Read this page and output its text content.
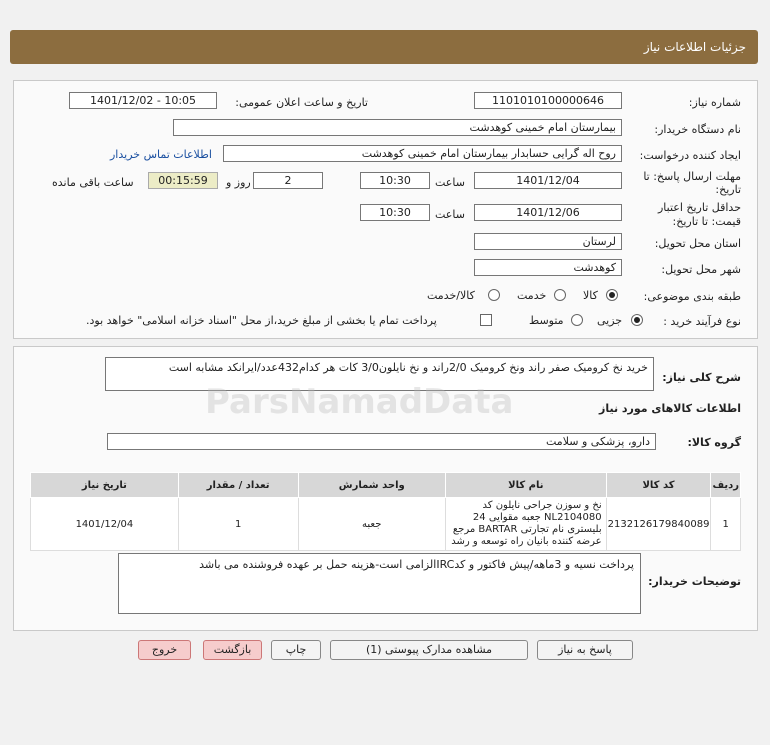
جزئیات اطلاعات نیاز
شماره نیاز:
1101010100000646
تاریخ و ساعت اعلان عمومی:
1401/12/02 - 10:05
نام دستگاه خریدار:
بیمارستان امام خمینی کوهدشت
ایجاد کننده درخواست:
روح اله گرایی حسابدار بیمارستان امام خمینی کوهدشت
اطلاعات تماس خریدار
مهلت ارسال پاسخ: تا
تاریخ:
1401/12/04
ساعت
10:30
2
روز و
00:15:59
ساعت باقی مانده
حداقل تاریخ اعتبار
قیمت: تا تاریخ:
1401/12/06
ساعت
10:30
استان محل تحویل:
لرستان
شهر محل تحویل:
کوهدشت
طبقه بندی موضوعی:
کالا
خدمت
کالا/خدمت
نوع فرآیند خرید :
جزیی
متوسط
پرداخت تمام یا بخشی از مبلغ خرید،از محل "اسناد خزانه اسلامی" خواهد بود.
شرح کلی نیاز:
خرید نخ کرومیک صفر راند ونخ کرومیک 2/0راند و نخ نایلون3/0 کات هر کدام432عدد/ایرانکد مشابه است
اطلاعات کالاهای مورد نیاز
گروه کالا:
دارو، پزشکی و سلامت
ردیف	کد کالا	نام کالا	واحد شمارش	تعداد / مقدار	تاریخ نیاز
1	2132126179840089	نخ و سوزن جراحی نایلون کد NL2104080 جعبه مقوایی 24 بلیستری نام تجارتی BARTAR مرجع عرضه کننده بانیان راه توسعه و رشد	جعبه	1	1401/12/04
توضیحات خریدار:
پرداخت نسیه و 3ماهه/پیش فاکتور و کدIRCالزامی است-هزینه حمل بر عهده فروشنده می باشد
ParsNamadData
پاسخ به نیاز
مشاهده مدارک پیوستی (1)
چاپ
بازگشت
خروج
